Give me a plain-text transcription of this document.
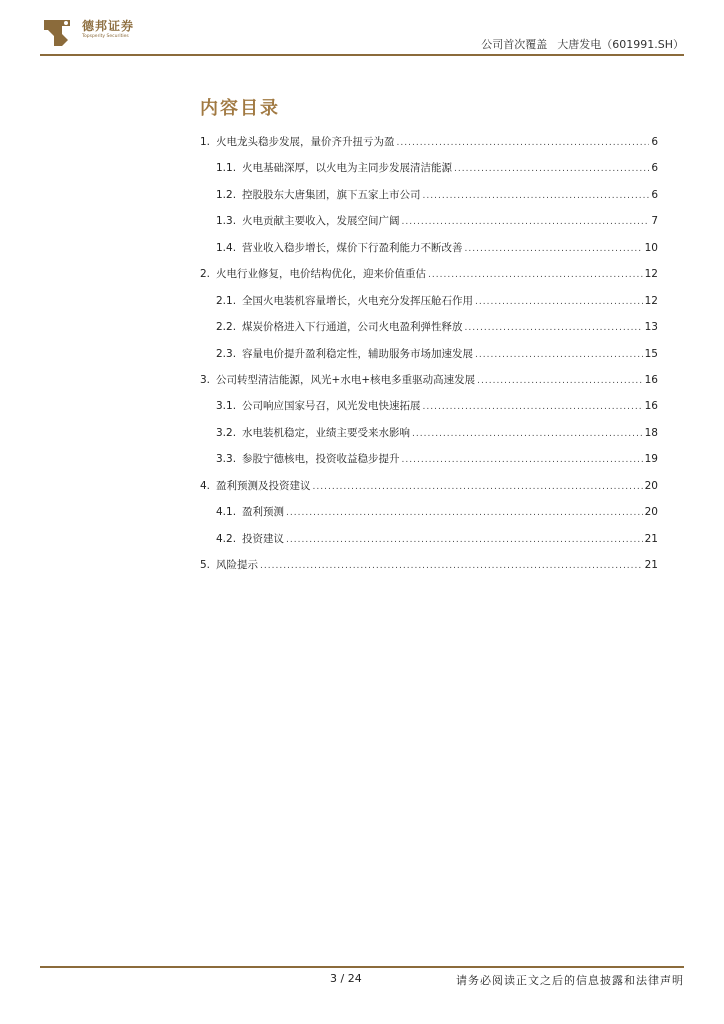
德邦证券
Topsperity Securities
公司首次覆盖 大唐发电（601991.SH）
内容目录
1. 火电龙头稳步发展，量价齐升扭亏为盈 .....	6
1.1. 火电基础深厚，以火电为主同步发展清洁能源 .....	6
1.2. 控股股东大唐集团，旗下五家上市公司 .....	6
1.3. 火电贡献主要收入，发展空间广阔 .....	7
1.4. 营业收入稳步增长，煤价下行盈利能力不断改善 .....	10
2. 火电行业修复，电价结构优化，迎来价值重估 .....	12
2.1. 全国火电装机容量增长，火电充分发挥压舱石作用 .....	12
2.2. 煤炭价格进入下行通道，公司火电盈利弹性释放 .....	13
2.3. 容量电价提升盈利稳定性，辅助服务市场加速发展 .....	15
3. 公司转型清洁能源，风光+水电+核电多重驱动高速发展 .....	16
3.1. 公司响应国家号召，风光发电快速拓展 .....	16
3.2. 水电装机稳定，业绩主要受来水影响 .....	18
3.3. 参股宁德核电，投资收益稳步提升 .....	19
4. 盈利预测及投资建议 .....	20
4.1. 盈利预测 .....	20
4.2. 投资建议 .....	21
5. 风险提示 .....	21
3 / 24	请务必阅读正文之后的信息披露和法律声明
